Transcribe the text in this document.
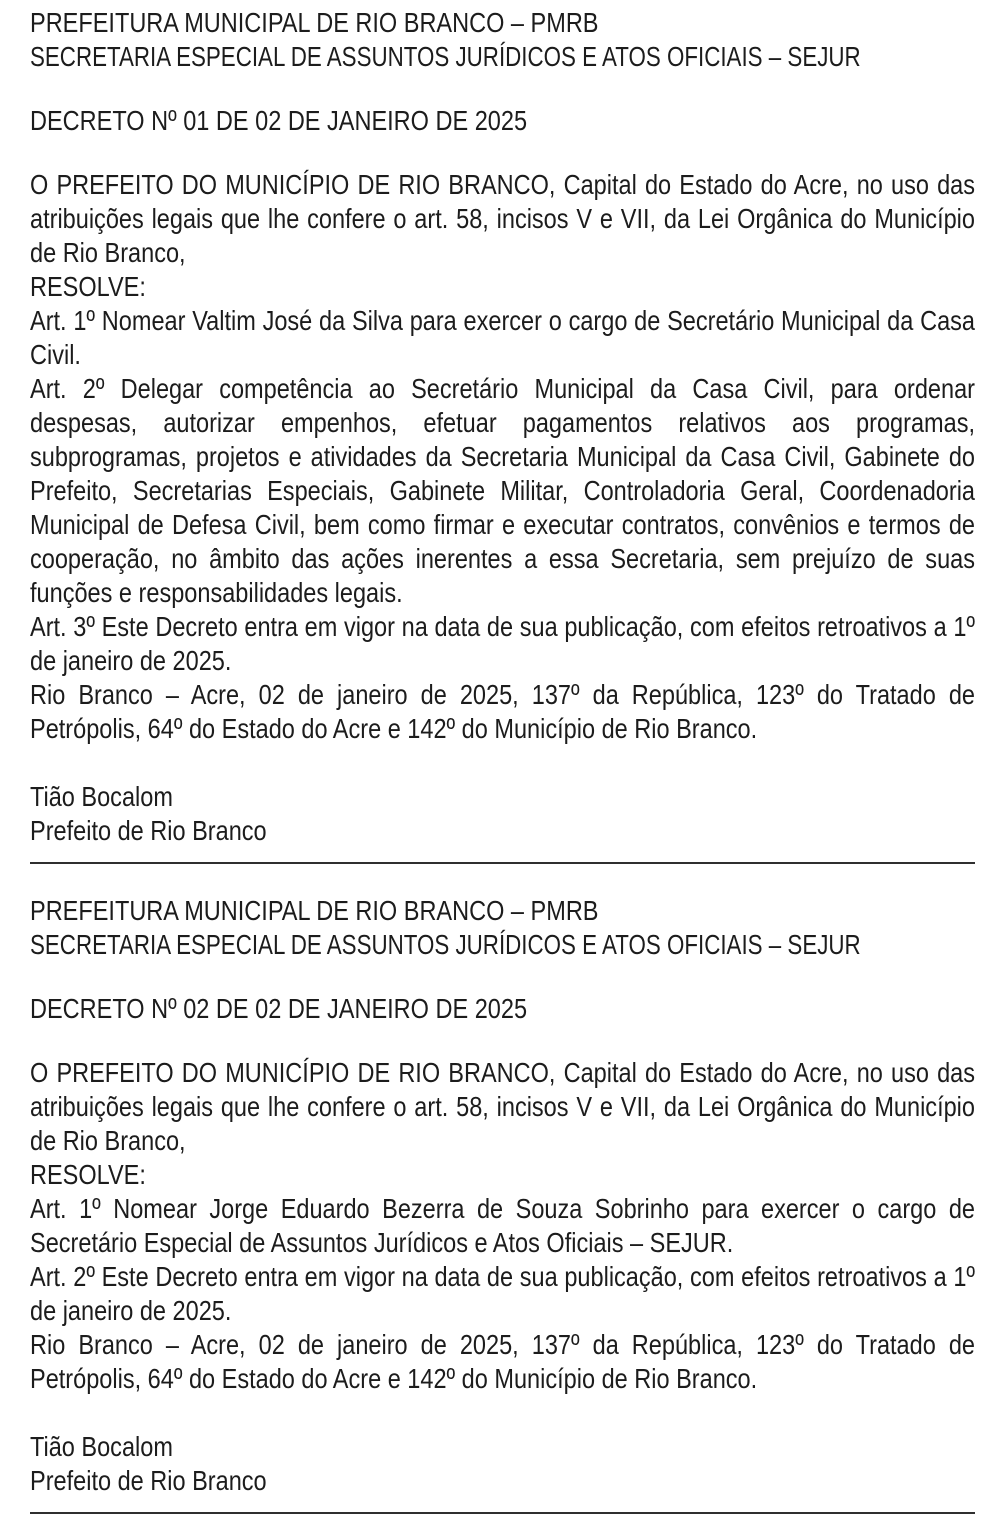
PREFEITURA MUNICIPAL DE RIO BRANCO – PMRB
SECRETARIA ESPECIAL DE ASSUNTOS JURÍDICOS E ATOS OFICIAIS – SEJUR
DECRETO Nº 01 DE 02 DE JANEIRO DE 2025

O PREFEITO DO MUNICÍPIO DE RIO BRANCO, Capital do Estado do Acre, no uso das atribuições legais que lhe confere o art. 58, incisos V e VII, da Lei Orgânica do Município de Rio Branco,

RESOLVE:

Art. 1º Nomear Valtim José da Silva para exercer o cargo de Secretário Municipal da Casa Civil.

Art. 2º Delegar competência ao Secretário Municipal da Casa Civil, para ordenar despesas, autorizar empenhos, efetuar pagamentos relativos aos programas, subprogramas, projetos e atividades da Secretaria Municipal da Casa Civil, Gabinete do Prefeito, Secretarias Especiais, Gabinete Militar, Controladoria Geral, Coordenadoria Municipal de Defesa Civil, bem como firmar e executar contratos, convênios e termos de cooperação, no âmbito das ações inerentes a essa Secretaria, sem prejuízo de suas funções e responsabilidades legais.

Art. 3º Este Decreto entra em vigor na data de sua publicação, com efeitos retroativos a 1º de janeiro de 2025.

Rio Branco – Acre, 02 de janeiro de 2025, 137º da República, 123º do Tratado de Petrópolis, 64º do Estado do Acre e 142º do Município de Rio Branco.

Tião Bocalom
Prefeito de Rio Branco
PREFEITURA MUNICIPAL DE RIO BRANCO – PMRB
SECRETARIA ESPECIAL DE ASSUNTOS JURÍDICOS E ATOS OFICIAIS – SEJUR
DECRETO Nº 02 DE 02 DE JANEIRO DE 2025

O PREFEITO DO MUNICÍPIO DE RIO BRANCO, Capital do Estado do Acre, no uso das atribuições legais que lhe confere o art. 58, incisos V e VII, da Lei Orgânica do Município de Rio Branco,

RESOLVE:

Art. 1º Nomear Jorge Eduardo Bezerra de Souza Sobrinho para exercer o cargo de Secretário Especial de Assuntos Jurídicos e Atos Oficiais – SEJUR.

Art. 2º Este Decreto entra em vigor na data de sua publicação, com efeitos retroativos a 1º de janeiro de 2025.

Rio Branco – Acre, 02 de janeiro de 2025, 137º da República, 123º do Tratado de Petrópolis, 64º do Estado do Acre e 142º do Município de Rio Branco.

Tião Bocalom
Prefeito de Rio Branco
